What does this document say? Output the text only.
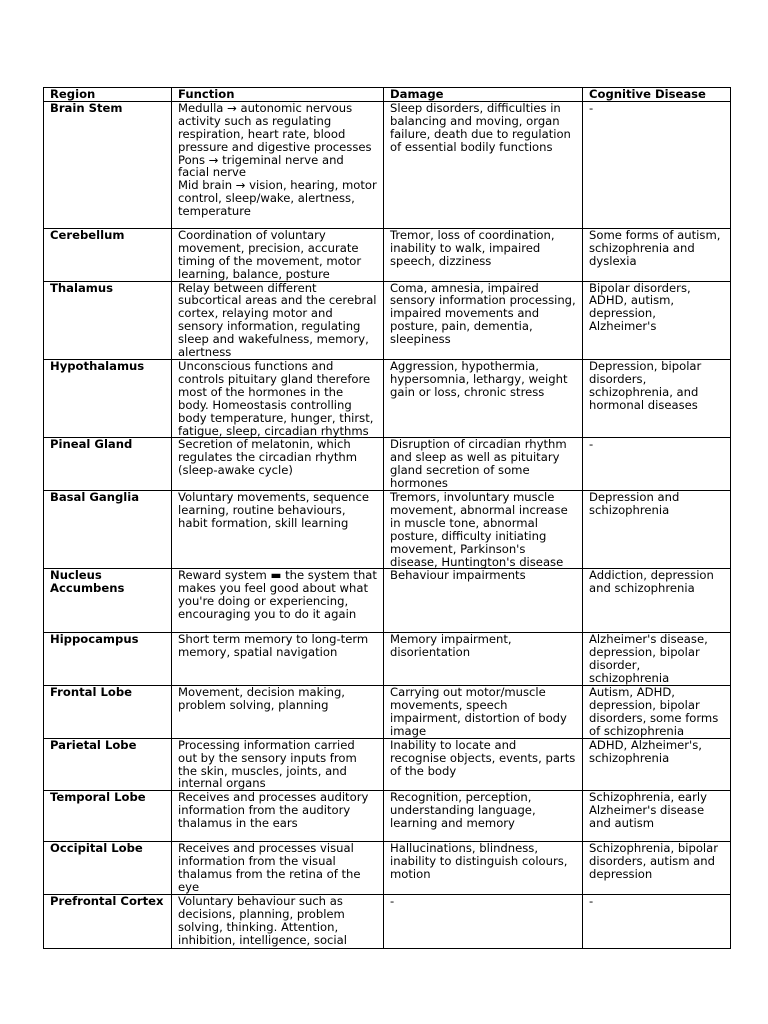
Region	Function	Damage	Cognitive Disease

Brain Stem	Medulla → autonomic nervous activity such as regulating respiration, heart rate, blood pressure and digestive processes
Pons → trigeminal nerve and facial nerve
Mid brain → vision, hearing, motor control, sleep/wake, alertness, temperature	Sleep disorders, difficulties in balancing and moving, organ failure, death due to regulation of essential bodily functions	-

Cerebellum	Coordination of voluntary movement, precision, accurate timing of the movement, motor learning, balance, posture	Tremor, loss of coordination, inability to walk, impaired speech, dizziness	Some forms of autism, schizophrenia and dyslexia

Thalamus	Relay between different subcortical areas and the cerebral cortex, relaying motor and sensory information, regulating sleep and wakefulness, memory, alertness	Coma, amnesia, impaired sensory information processing, impaired movements and posture, pain, dementia, sleepiness	Bipolar disorders, ADHD, autism, depression, Alzheimer's

Hypothalamus	Unconscious functions and controls pituitary gland therefore most of the hormones in the body. Homeostasis controlling body temperature, hunger, thirst, fatigue, sleep, circadian rhythms	Aggression, hypothermia, hypersomnia, lethargy, weight gain or loss, chronic stress	Depression, bipolar disorders, schizophrenia, and hormonal diseases

Pineal Gland	Secretion of melatonin, which regulates the circadian rhythm (sleep-awake cycle)	Disruption of circadian rhythm and sleep as well as pituitary gland secretion of some hormones	-

Basal Ganglia	Voluntary movements, sequence learning, routine behaviours, habit formation, skill learning	Tremors, involuntary muscle movement, abnormal increase in muscle tone, abnormal posture, difficulty initiating movement, Parkinson's disease, Huntington's disease	Depression and schizophrenia

Nucleus Accumbens	Reward system ▬ the system that makes you feel good about what you're doing or experiencing, encouraging you to do it again	Behaviour impairments	Addiction, depression and schizophrenia

Hippocampus	Short term memory to long-term memory, spatial navigation	Memory impairment, disorientation	Alzheimer's disease, depression, bipolar disorder, schizophrenia

Frontal Lobe	Movement, decision making, problem solving, planning	Carrying out motor/muscle movements, speech impairment, distortion of body image	Autism, ADHD, depression, bipolar disorders, some forms of schizophrenia

Parietal Lobe	Processing information carried out by the sensory inputs from the skin, muscles, joints, and internal organs	Inability to locate and recognise objects, events, parts of the body	ADHD, Alzheimer's, schizophrenia

Temporal Lobe	Receives and processes auditory information from the auditory thalamus in the ears	Recognition, perception, understanding language, learning and memory	Schizophrenia, early Alzheimer's disease and autism

Occipital Lobe	Receives and processes visual information from the visual thalamus from the retina of the eye	Hallucinations, blindness, inability to distinguish colours, motion	Schizophrenia, bipolar disorders, autism and depression

Prefrontal Cortex	Voluntary behaviour such as decisions, planning, problem solving, thinking. Attention, inhibition, intelligence, social	-	-
